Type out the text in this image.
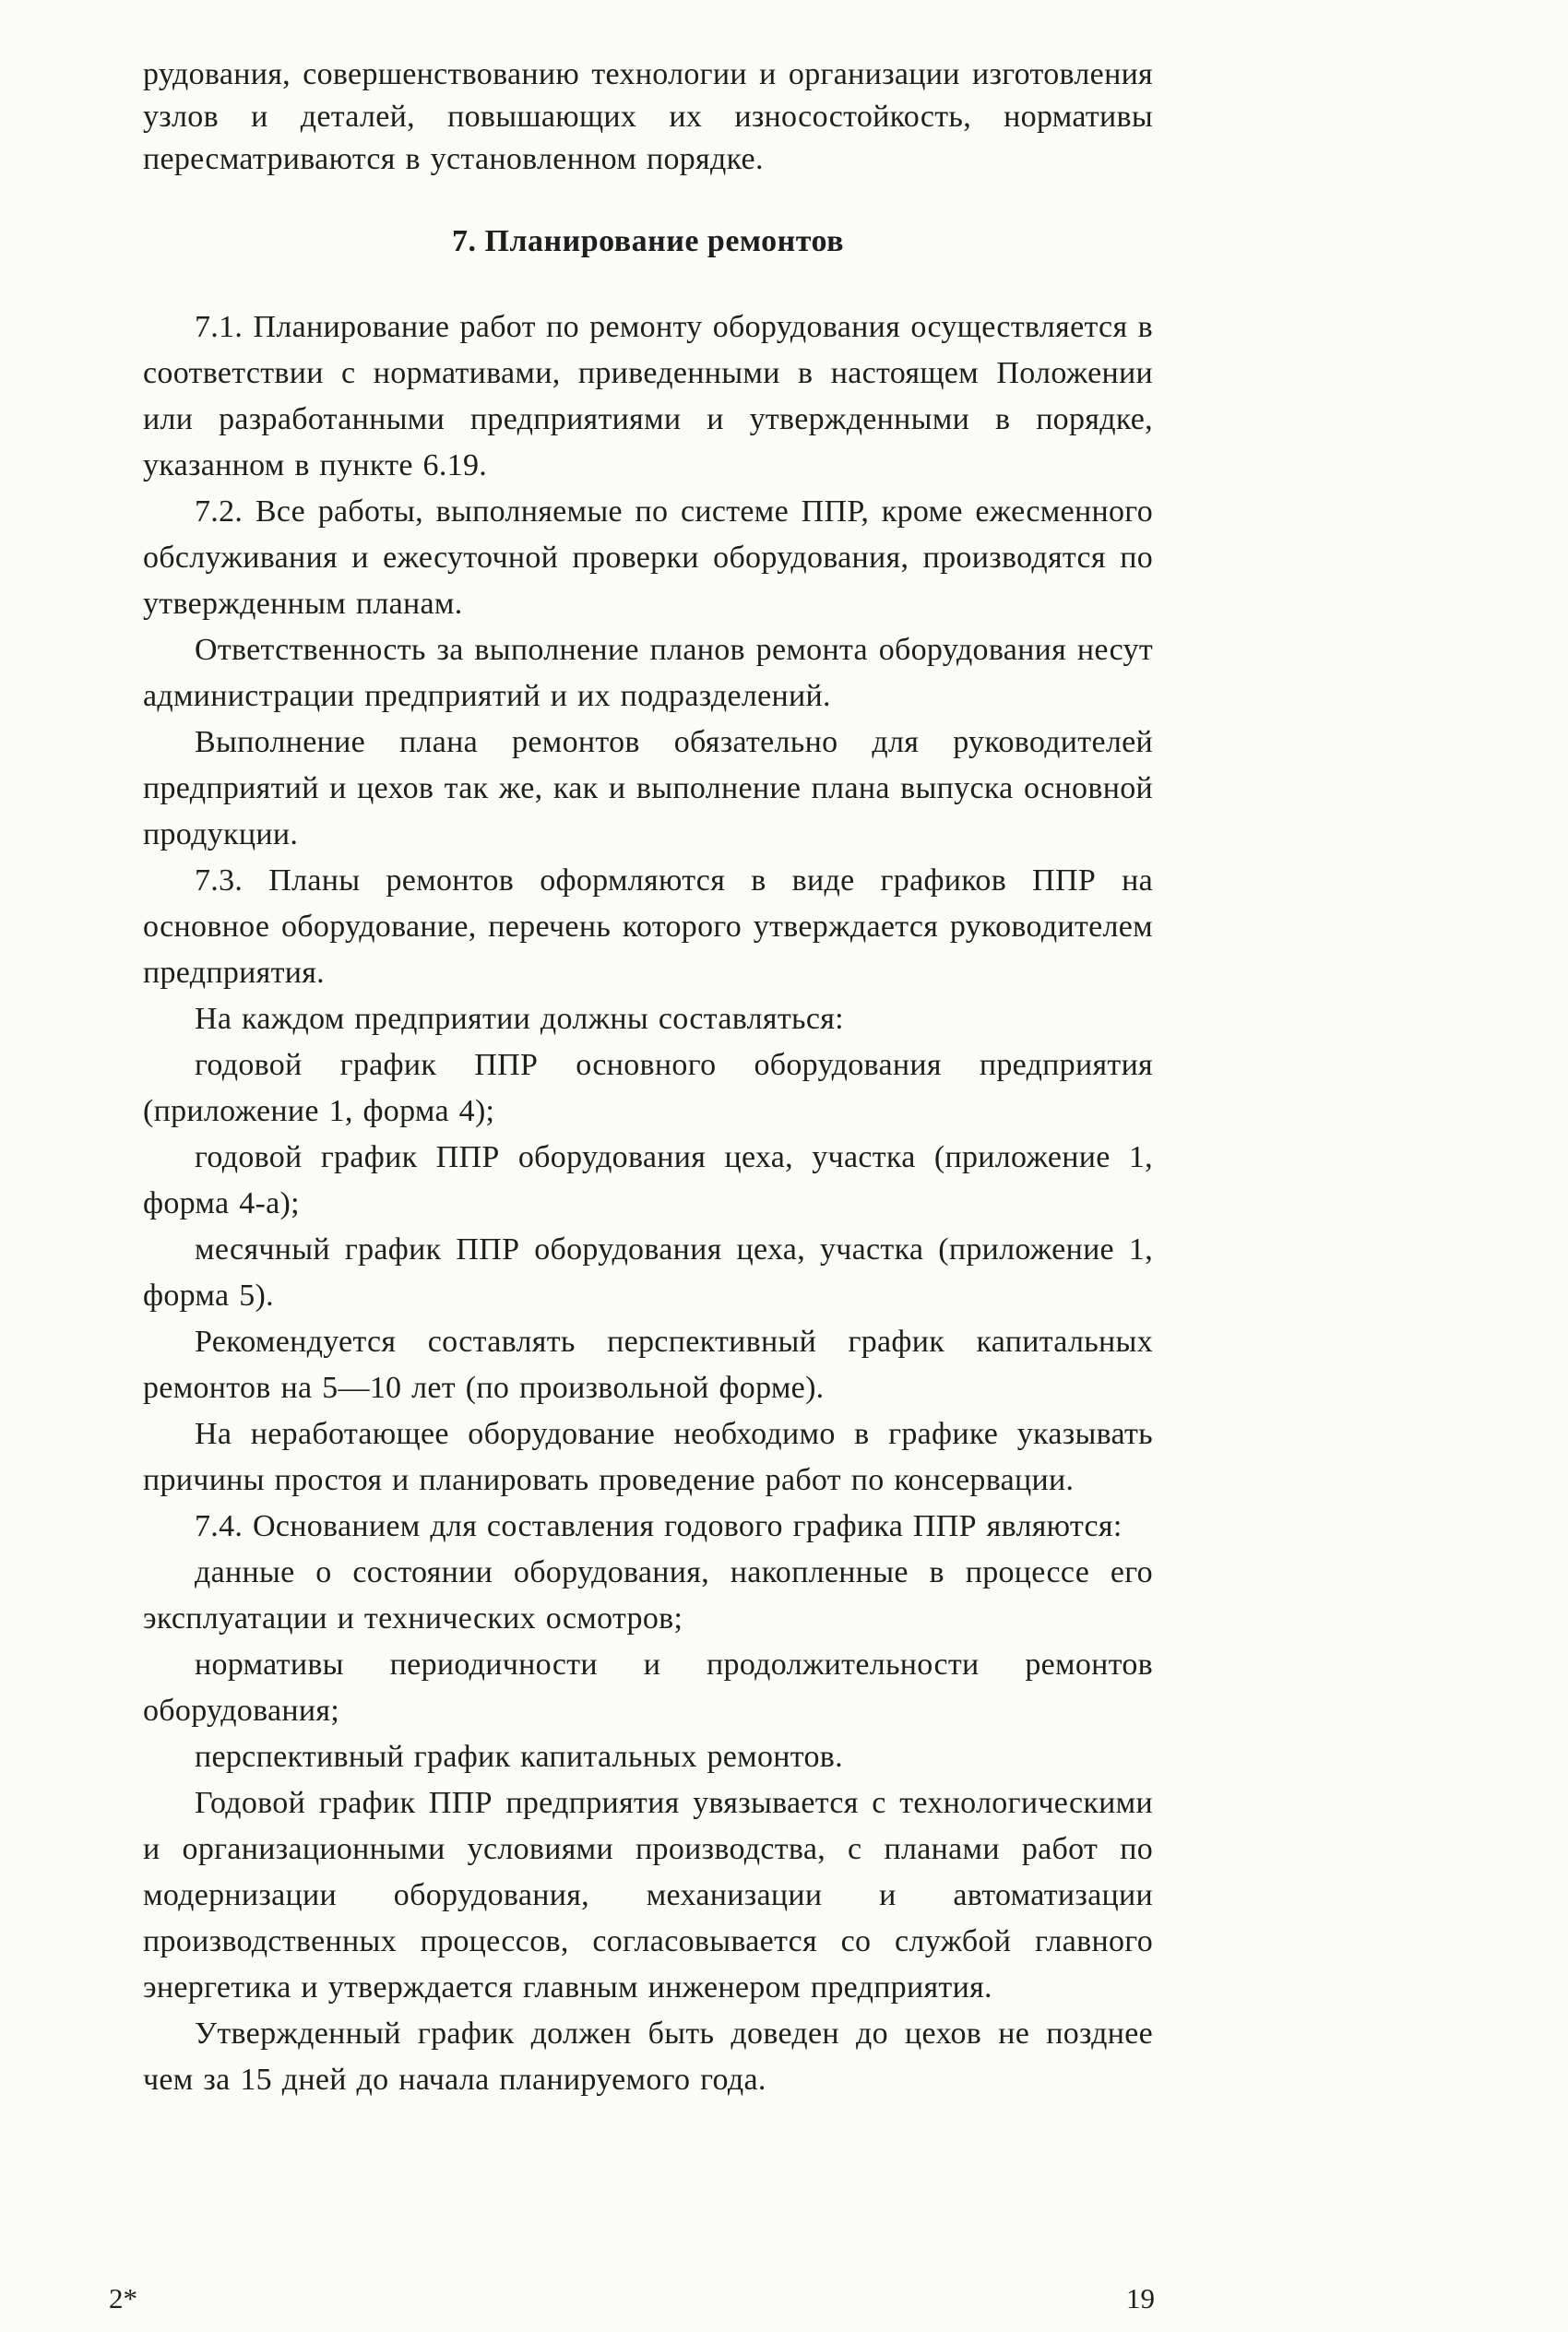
рудования, совершенствованию технологии и организации изготовления узлов и деталей, повышающих их износостойкость, нормативы пересматриваются в установленном порядке.

7. Планирование ремонтов

7.1. Планирование работ по ремонту оборудования осуществляется в соответствии с нормативами, приведенными в настоящем Положении или разработанными предприятиями и утвержденными в порядке, указанном в пункте 6.19.

7.2. Все работы, выполняемые по системе ППР, кроме ежесменного обслуживания и ежесуточной проверки оборудования, производятся по утвержденным планам.

Ответственность за выполнение планов ремонта оборудования несут администрации предприятий и их подразделений.

Выполнение плана ремонтов обязательно для руководителей предприятий и цехов так же, как и выполнение плана выпуска основной продукции.

7.3. Планы ремонтов оформляются в виде графиков ППР на основное оборудование, перечень которого утверждается руководителем предприятия.

На каждом предприятии должны составляться:

годовой график ППР основного оборудования предприятия (приложение 1, форма 4);

годовой график ППР оборудования цеха, участка (приложение 1, форма 4-а);

месячный график ППР оборудования цеха, участка (приложение 1, форма 5).

Рекомендуется составлять перспективный график капитальных ремонтов на 5—10 лет (по произвольной форме).

На неработающее оборудование необходимо в графике указывать причины простоя и планировать проведение работ по консервации.

7.4. Основанием для составления годового графика ППР являются:

данные о состоянии оборудования, накопленные в процессе его эксплуатации и технических осмотров;

нормативы периодичности и продолжительности ремонтов оборудования;

перспективный график капитальных ремонтов.

Годовой график ППР предприятия увязывается с технологическими и организационными условиями производства, с планами работ по модернизации оборудования, механизации и автоматизации производственных процессов, согласовывается со службой главного энергетика и утверждается главным инженером предприятия.

Утвержденный график должен быть доведен до цехов не позднее чем за 15 дней до начала планируемого года.

2*	19
